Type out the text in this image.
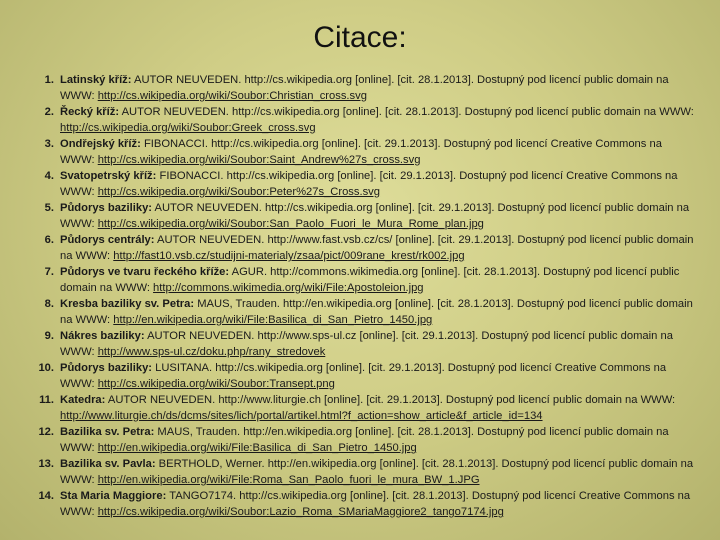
Citace:
1. Latinský kříž: AUTOR NEUVEDEN. http://cs.wikipedia.org [online]. [cit. 28.1.2013]. Dostupný pod licencí public domain na WWW: http://cs.wikipedia.org/wiki/Soubor:Christian_cross.svg
2. Řecký kříž: AUTOR NEUVEDEN. http://cs.wikipedia.org [online]. [cit. 28.1.2013]. Dostupný pod licencí public domain na WWW: http://cs.wikipedia.org/wiki/Soubor:Greek_cross.svg
3. Ondřejský kříž: FIBONACCI. http://cs.wikipedia.org [online]. [cit. 29.1.2013]. Dostupný pod licencí Creative Commons na WWW: http://cs.wikipedia.org/wiki/Soubor:Saint_Andrew%27s_cross.svg
4. Svatopetrský kříž: FIBONACCI. http://cs.wikipedia.org [online]. [cit. 29.1.2013]. Dostupný pod licencí Creative Commons na WWW: http://cs.wikipedia.org/wiki/Soubor:Peter%27s_Cross.svg
5. Půdorys baziliky: AUTOR NEUVEDEN. http://cs.wikipedia.org [online]. [cit. 29.1.2013]. Dostupný pod licencí public domain na WWW: http://cs.wikipedia.org/wiki/Soubor:San_Paolo_Fuori_le_Mura_Rome_plan.jpg
6. Půdorys centrály: AUTOR NEUVEDEN. http://www.fast.vsb.cz/cs/ [online]. [cit. 29.1.2013]. Dostupný pod licencí public domain na WWW: http://fast10.vsb.cz/studijni-materialy/zsaa/pict/009rane_krest/rk002.jpg
7. Půdorys ve tvaru řeckého kříže: AGUR. http://commons.wikimedia.org [online]. [cit. 28.1.2013]. Dostupný pod licencí public domain na WWW: http://commons.wikimedia.org/wiki/File:Apostoleion.jpg
8. Kresba baziliky sv. Petra: MAUS, Trauden. http://en.wikipedia.org [online]. [cit. 28.1.2013]. Dostupný pod licencí public domain na WWW: http://en.wikipedia.org/wiki/File:Basilica_di_San_Pietro_1450.jpg
9. Nákres baziliky: AUTOR NEUVEDEN. http://www.sps-ul.cz [online]. [cit. 29.1.2013]. Dostupný pod licencí public domain na WWW: http://www.sps-ul.cz/doku.php/rany_stredovek
10. Půdorys baziliky: LUSITANA. http://cs.wikipedia.org [online]. [cit. 29.1.2013]. Dostupný pod licencí Creative Commons na WWW: http://cs.wikipedia.org/wiki/Soubor:Transept.png
11. Katedra: AUTOR NEUVEDEN. http://www.liturgie.ch [online]. [cit. 29.1.2013]. Dostupný pod licencí public domain na WWW: http://www.liturgie.ch/ds/dcms/sites/lich/portal/artikel.html?f_action=show_article&f_article_id=134
12. Bazilika sv. Petra: MAUS, Trauden. http://en.wikipedia.org [online]. [cit. 28.1.2013]. Dostupný pod licencí public domain na WWW: http://en.wikipedia.org/wiki/File:Basilica_di_San_Pietro_1450.jpg
13. Bazilika sv. Pavla: BERTHOLD, Werner. http://en.wikipedia.org [online]. [cit. 28.1.2013]. Dostupný pod licencí public domain na WWW: http://en.wikipedia.org/wiki/File:Roma_San_Paolo_fuori_le_mura_BW_1.JPG
14. Sta Maria Maggiore: TANGO7174. http://cs.wikipedia.org [online]. [cit. 28.1.2013]. Dostupný pod licencí Creative Commons na WWW: http://cs.wikipedia.org/wiki/Soubor:Lazio_Roma_SMariaMaggiore2_tango7174.jpg
